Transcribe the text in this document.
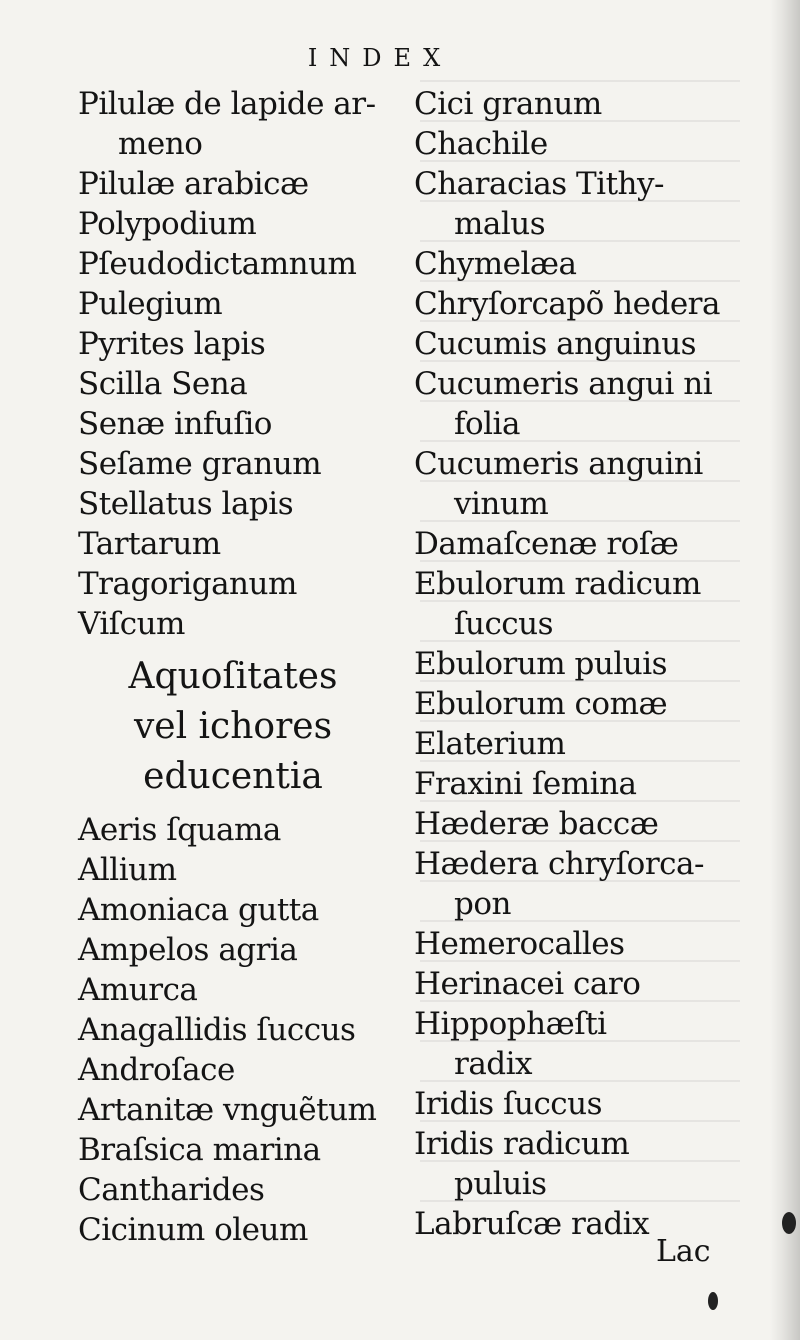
INDEX
Pilulæ de lapide ar-
meno
Pilulæ arabicæ
Polypodium
Pſeudodictamnum
Pulegium
Pyrites lapis
Scilla Sena
Senæ infuſio
Seſame granum
Stellatus lapis
Tartarum
Tragoriganum
Viſcum
Aquoſitates
vel ichores
educentia
Aeris ſquama
Allium
Amoniaca gutta
Ampelos agria
Amurca
Anagallidis ſuccus
Androſace
Artanitæ vnguẽtum
Braſsica marina
Cantharides
Cicinum oleum
Cici granum
Chachile
Characias Tithy-
malus
Chymelæa
Chryſorcapõ hedera
Cucumis anguinus
Cucumeris angui ni
folia
Cucumeris anguini
vinum
Damaſcenæ roſæ
Ebulorum radicum
ſuccus
Ebulorum puluis
Ebulorum comæ
Elaterium
Fraxini ſemina
Hæderæ baccæ
Hædera chryſorca-
pon
Hemerocalles
Herinacei caro
Hippophæſti
radix
Iridis ſuccus
Iridis radicum
puluis
Labruſcæ radix
Lac
